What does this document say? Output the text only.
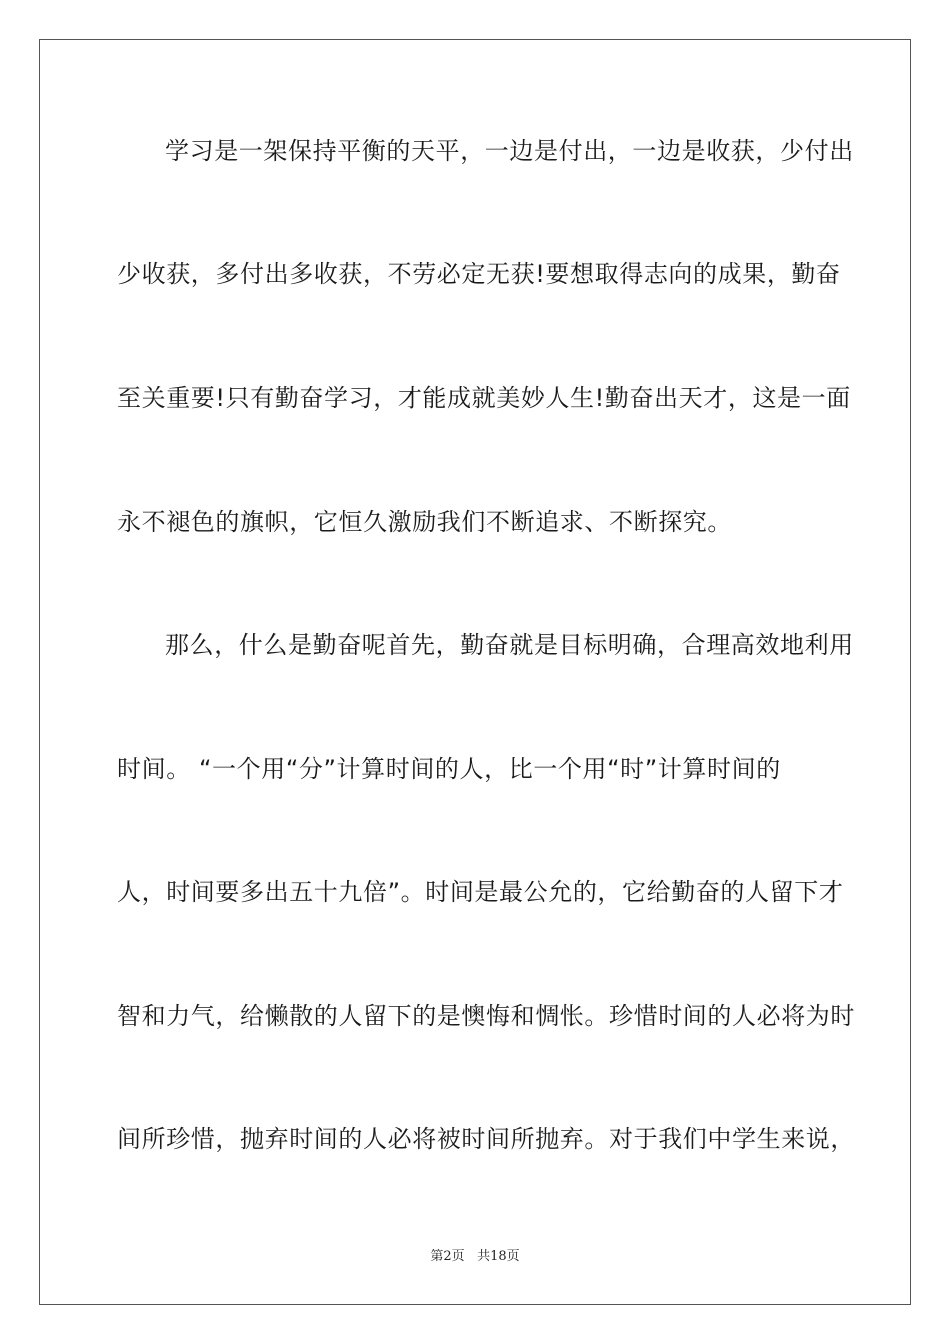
学习是一架保持平衡的天平，一边是付出，一边是收获，少付出
少收获，多付出多收获，不劳必定无获!要想取得志向的成果，勤奋
至关重要!只有勤奋学习，才能成就美妙人生!勤奋出天才，这是一面
永不褪色的旗帜，它恒久激励我们不断追求、不断探究。
那么，什么是勤奋呢首先，勤奋就是目标明确，合理高效地利用
时间。 “一个用“分”计算时间的人，比一个用“时”计算时间的
人，时间要多出五十九倍”。时间是最公允的，它给勤奋的人留下才
智和力气，给懒散的人留下的是懊悔和惆怅。珍惜时间的人必将为时
间所珍惜，抛弃时间的人必将被时间所抛弃。对于我们中学生来说，
第2页 共18页
